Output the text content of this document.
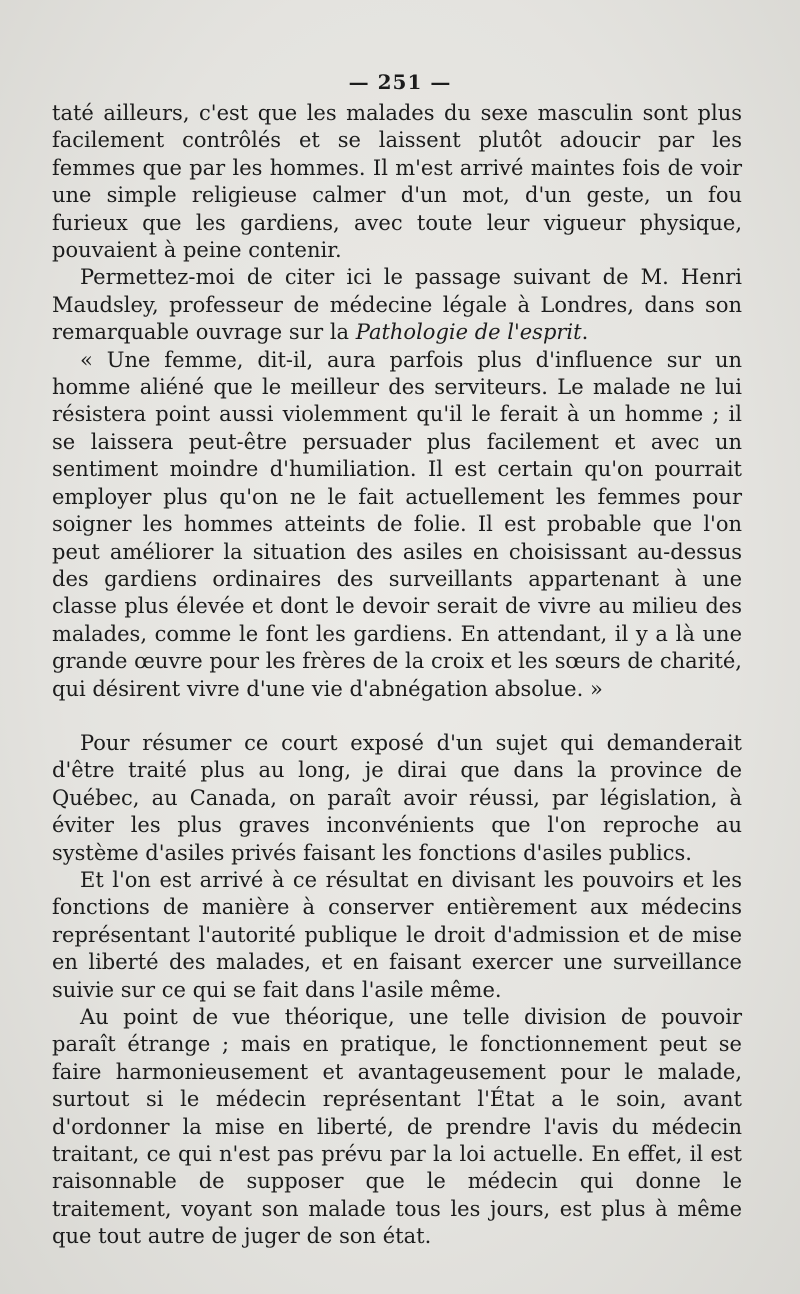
— 251 —

taté ailleurs, c'est que les malades du sexe masculin sont plus facilement contrôlés et se laissent plutôt adoucir par les femmes que par les hommes. Il m'est arrivé maintes fois de voir une simple religieuse calmer d'un mot, d'un geste, un fou furieux que les gardiens, avec toute leur vigueur physique, pouvaient à peine contenir.

Permettez-moi de citer ici le passage suivant de M. Henri Maudsley, professeur de médecine légale à Londres, dans son remarquable ouvrage sur la Pathologie de l'esprit.

« Une femme, dit-il, aura parfois plus d'influence sur un homme aliéné que le meilleur des serviteurs. Le malade ne lui résistera point aussi violemment qu'il le ferait à un homme ; il se laissera peut-être persuader plus facilement et avec un sentiment moindre d'humiliation. Il est certain qu'on pourrait employer plus qu'on ne le fait actuellement les femmes pour soigner les hommes atteints de folie. Il est probable que l'on peut améliorer la situation des asiles en choisissant au-dessus des gardiens ordinaires des surveillants appartenant à une classe plus élevée et dont le devoir serait de vivre au milieu des malades, comme le font les gardiens. En attendant, il y a là une grande œuvre pour les frères de la croix et les sœurs de charité, qui désirent vivre d'une vie d'abnégation absolue. »

Pour résumer ce court exposé d'un sujet qui demanderait d'être traité plus au long, je dirai que dans la province de Québec, au Canada, on paraît avoir réussi, par législation, à éviter les plus graves inconvénients que l'on reproche au système d'asiles privés faisant les fonctions d'asiles publics.

Et l'on est arrivé à ce résultat en divisant les pouvoirs et les fonctions de manière à conserver entièrement aux médecins représentant l'autorité publique le droit d'admission et de mise en liberté des malades, et en faisant exercer une surveillance suivie sur ce qui se fait dans l'asile même.

Au point de vue théorique, une telle division de pouvoir paraît étrange ; mais en pratique, le fonctionnement peut se faire harmonieusement et avantageusement pour le malade, surtout si le médecin représentant l'État a le soin, avant d'ordonner la mise en liberté, de prendre l'avis du médecin traitant, ce qui n'est pas prévu par la loi actuelle. En effet, il est raisonnable de supposer que le médecin qui donne le traitement, voyant son malade tous les jours, est plus à même que tout autre de juger de son état.
